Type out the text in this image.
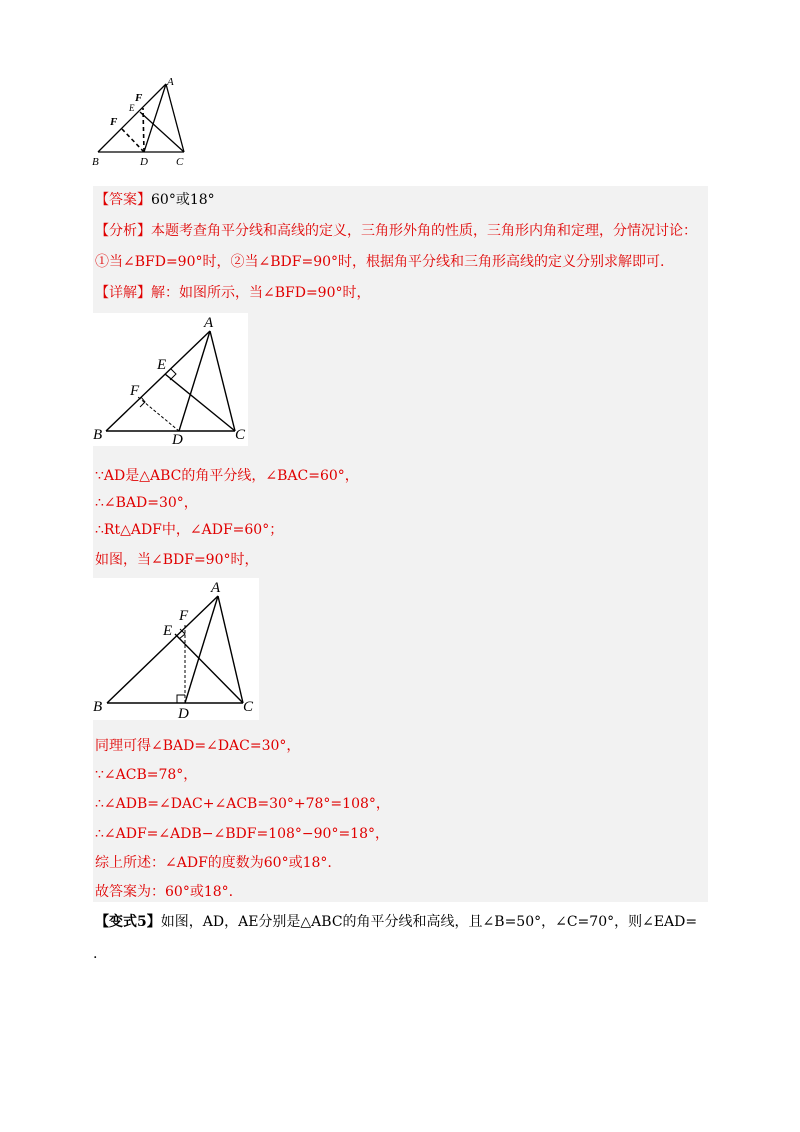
A
F
E
F
B	D	C
【答案】60°或18°
【分析】本题考查角平分线和高线的定义，三角形外角的性质，三角形内角和定理，分情况讨论：
①当∠BFD=90°时，②当∠BDF=90°时，根据角平分线和三角形高线的定义分别求解即可.
【详解】解：如图所示，当∠BFD=90°时，
A
E
F
B	D	C
∵AD是△ABC的角平分线，∠BAC=60°，
∴∠BAD=30°，
∴Rt△ADF中，∠ADF=60°；
如图，当∠BDF=90°时，
A
F
E
B	D	C
同理可得∠BAD=∠DAC=30°，
∵∠ACB=78°，
∴∠ADB=∠DAC+∠ACB=30°+78°=108°，
∴∠ADF=∠ADB−∠BDF=108°−90°=18°，
综上所述：∠ADF的度数为60°或18°.
故答案为：60°或18°.
【变式5】如图，AD，AE分别是△ABC的角平分线和高线，且∠B=50°，∠C=70°，则∠EAD=
.
